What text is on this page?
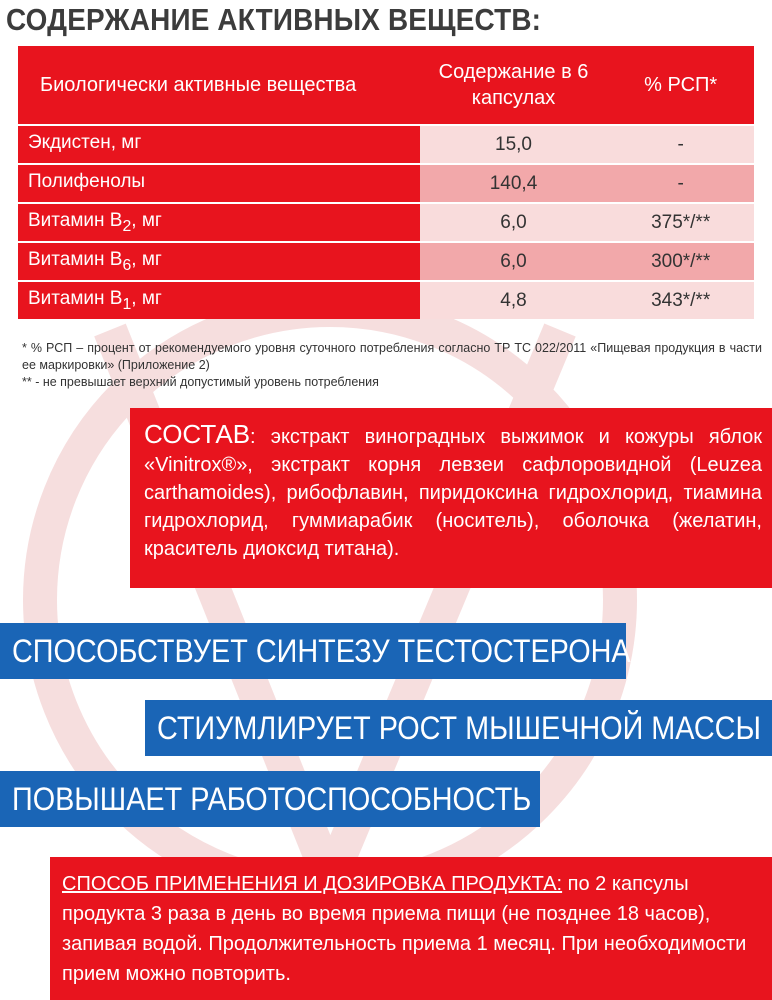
СОДЕРЖАНИЕ АКТИВНЫХ ВЕЩЕСТВ:
Биологически активные вещества	Содержание в 6 капсулах	% РСП*
Экдистен, мг	15,0	-
Полифенолы	140,4	-
Витамин $В_2$, мг	6,0	375*/**
Витамин $В_6$, мг	6,0	300*/**
Витамин $В_1$, мг	4,8	343*/**

* % РСП – процент от рекомендуемого уровня суточного потребления согласно ТР ТС 022/2011 «Пищевая продукция в части ее маркировки» (Приложение 2)

** - не превышает верхний допустимый уровень потребления

СОСТАВ: экстракт виноградных выжимок и кожуры яблок «Vinitrox®», экстракт корня левзеи сафлоровидной (Leuzea carthamoides), рибофлавин, пиридоксина гидрохлорид, тиамина гидрохлорид, гуммиарабик (носитель), оболочка (желатин, краситель диоксид титана).
СПОСОБСТВУЕТ СИНТЕЗУ ТЕСТОСТЕРОНА
СТИУМЛИРУЕТ РОСТ МЫШЕЧНОЙ МАССЫ
ПОВЫШАЕТ РАБОТОСПОСОБНОСТЬ
СПОСОБ ПРИМЕНЕНИЯ И ДОЗИРОВКА ПРОДУКТА: по 2 капсулы продукта 3 раза в день во время приема пищи (не позднее 18 часов), запивая водой. Продолжительность приема 1 месяц. При необходимости прием можно повторить.
